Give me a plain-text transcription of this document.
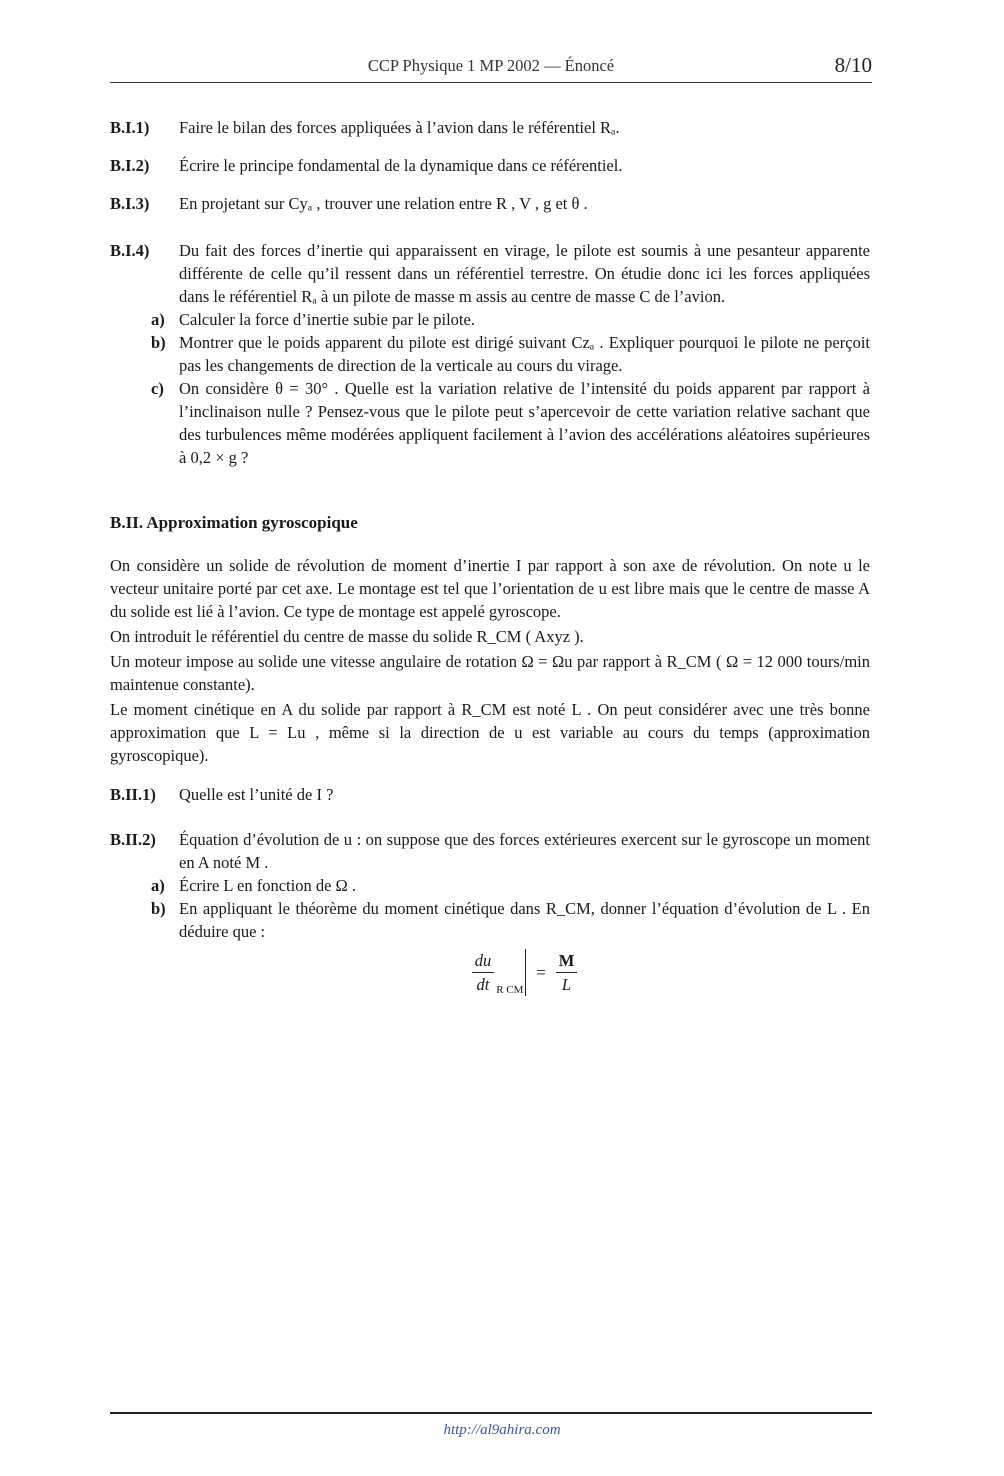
CCP Physique 1 MP 2002 — Énoncé	8/10
B.I.1)	Faire le bilan des forces appliquées à l’avion dans le référentiel Rₐ.
B.I.2)	Écrire le principe fondamental de la dynamique dans ce référentiel.
B.I.3)	En projetant sur Cyₐ , trouver une relation entre R , V , g et θ .
B.I.4)	Du fait des forces d’inertie qui apparaissent en virage, le pilote est soumis à une pesanteur apparente différente de celle qu’il ressent dans un référentiel terrestre. On étudie donc ici les forces appliquées dans le référentiel Rₐ à un pilote de masse m assis au centre de masse C de l’avion.
a) Calculer la force d’inertie subie par le pilote.
b) Montrer que le poids apparent du pilote est dirigé suivant Czₐ . Expliquer pourquoi le pilote ne perçoit pas les changements de direction de la verticale au cours du virage.
c) On considère θ = 30° . Quelle est la variation relative de l’intensité du poids apparent par rapport à l’inclinaison nulle ? Pensez-vous que le pilote peut s’apercevoir de cette variation relative sachant que des turbulences même modérées appliquent facilement à l’avion des accélérations aléatoires supérieures à 0,2 × g ?
B.II. Approximation gyroscopique
On considère un solide de révolution de moment d’inertie I par rapport à son axe de révolution. On note u le vecteur unitaire porté par cet axe. Le montage est tel que l’orientation de u est libre mais que le centre de masse A du solide est lié à l’avion. Ce type de montage est appelé gyroscope.
On introduit le référentiel du centre de masse du solide R_CM ( Axyz ).
Un moteur impose au solide une vitesse angulaire de rotation Ω = Ωu par rapport à R_CM ( Ω = 12 000 tours/min maintenue constante).
Le moment cinétique en A du solide par rapport à R_CM est noté L . On peut considérer avec une très bonne approximation que L = Lu , même si la direction de u est variable au cours du temps (approximation gyroscopique).
B.II.1)	Quelle est l’unité de I ?
B.II.2)	Équation d’évolution de u : on suppose que des forces extérieures exercent sur le gyroscope un moment en A noté M .
a) Écrire L en fonction de Ω .
b) En appliquant le théorème du moment cinétique dans R_CM, donner l’équation d’évolution de L . En déduire que :
$\frac{du}{dt}$ R CM
= $\frac{M}{L}$
http://al9ahira.com
